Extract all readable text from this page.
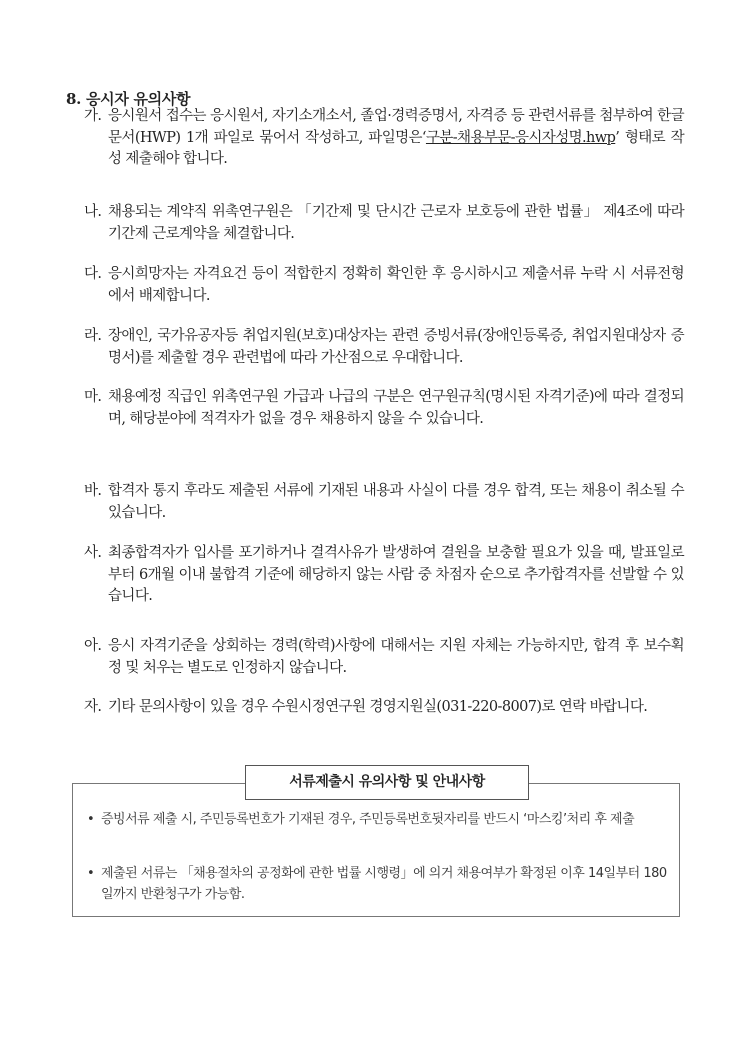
8. 응시자 유의사항
가. 응시원서 접수는 응시원서, 자기소개소서, 졸업·경력증명서, 자격증 등 관련서류를 첨부하여 한글문서(HWP) 1개 파일로 묶어서 작성하고, 파일명은‘구분-채용부문-응시자성명.hwp’ 형태로 작성 제출해야 합니다.
나. 채용되는 계약직 위촉연구원은 「기간제 및 단시간 근로자 보호등에 관한 법률」 제4조에 따라 기간제 근로계약을 체결합니다.
다. 응시희망자는 자격요건 등이 적합한지 정확히 확인한 후 응시하시고 제출서류 누락 시 서류전형에서 배제합니다.
라. 장애인, 국가유공자등 취업지원(보호)대상자는 관련 증빙서류(장애인등록증, 취업지원대상자 증명서)를 제출할 경우 관련법에 따라 가산점으로 우대합니다.
마. 채용예정 직급인 위촉연구원 가급과 나급의 구분은 연구원규칙(명시된 자격기준)에 따라 결정되며, 해당분야에 적격자가 없을 경우 채용하지 않을 수 있습니다.
바. 합격자 통지 후라도 제출된 서류에 기재된 내용과 사실이 다를 경우 합격, 또는 채용이 취소될 수 있습니다.
사. 최종합격자가 입사를 포기하거나 결격사유가 발생하여 결원을 보충할 필요가 있을 때, 발표일로부터 6개월 이내 불합격 기준에 해당하지 않는 사람 중 차점자 순으로 추가합격자를 선발할 수 있습니다.
아. 응시 자격기준을 상회하는 경력(학력)사항에 대해서는 지원 자체는 가능하지만, 합격 후 보수획정 및 처우는 별도로 인정하지 않습니다.
자. 기타 문의사항이 있을 경우 수원시정연구원 경영지원실(031-220-8007)로 연락 바랍니다.
서류제출시 유의사항 및 안내사항
• 증빙서류 제출 시, 주민등록번호가 기재된 경우, 주민등록번호뒷자리를 반드시 ‘마스킹’처리 후 제출
• 제출된 서류는 「채용절차의 공정화에 관한 법률 시행령」에 의거 채용여부가 확정된 이후 14일부터 180일까지 반환청구가 가능함.
